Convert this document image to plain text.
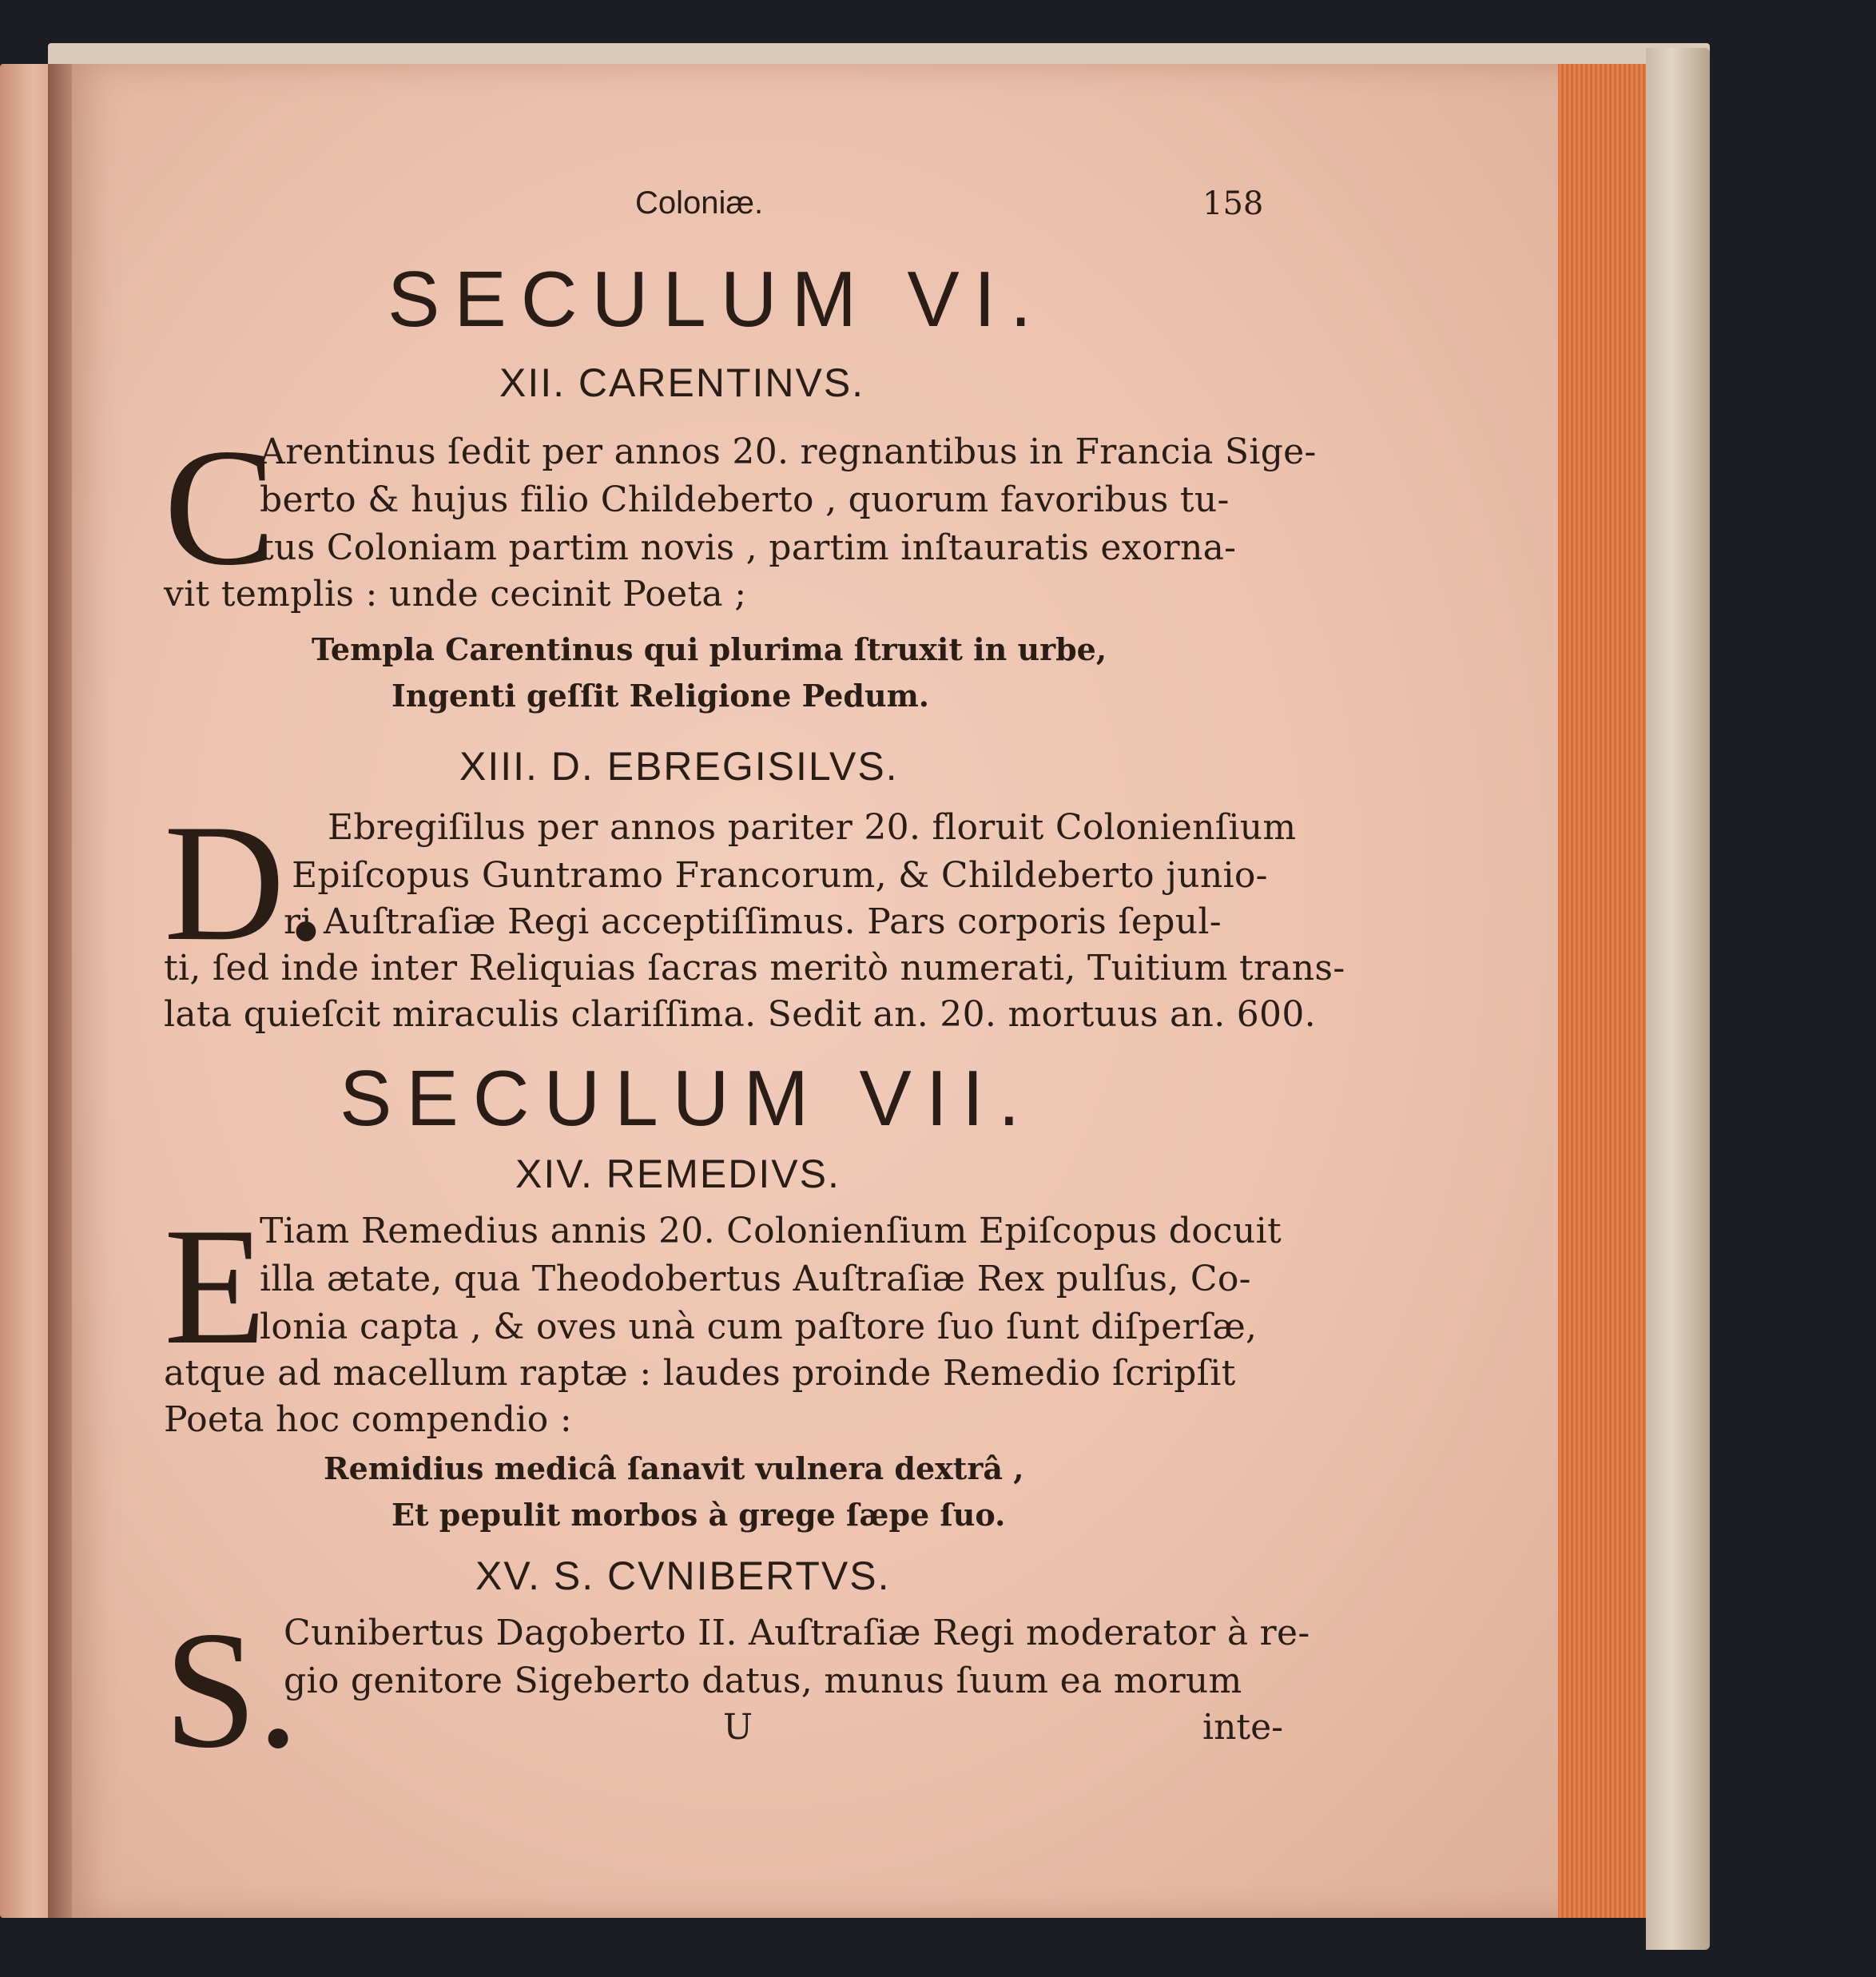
Coloniæ.	158
SECULUM VI.
XII. CARENTINVS.
C
Arentinus ſedit per annos 20. regnantibus in Francia Sige-
berto & hujus filio Childeberto , quorum favoribus tu-
tus Coloniam partim novis , partim inſtauratis exorna-
vit templis : unde cecinit Poeta ;
Templa Carentinus qui plurima ſtruxit in urbe,
Ingenti geſſit Religione Pedum.
XIII. D. EBREGISILVS.
D. Ebregiſilus per annos pariter 20. floruit Colonienſium
Epiſcopus Guntramo Francorum, & Childeberto junio-
ri Auſtraſiæ Regi acceptiſſimus. Pars corporis ſepul-
ti, ſed inde inter Reliquias ſacras meritò numerati, Tuitium trans-
lata quieſcit miraculis clariſſima. Sedit an. 20. mortuus an. 600.
SECULUM VII.
XIV. REMEDIVS.
E
Tiam Remedius annis 20. Colonienſium Epiſcopus docuit
illa ætate, qua Theodobertus Auſtraſiæ Rex pulſus, Co-
lonia capta , & oves unà cum paſtore ſuo ſunt diſperſæ,
atque ad macellum raptæ : laudes proinde Remedio ſcripſit
Poeta hoc compendio :
Remidius medicâ ſanavit vulnera dextrâ ,
Et pepulit morbos à grege ſæpe ſuo.
XV. S. CVNIBERTVS.
S.
Cunibertus Dagoberto II. Auſtraſiæ Regi moderator à re-
gio genitore Sigeberto datus, munus ſuum ea morum
U	inte-
